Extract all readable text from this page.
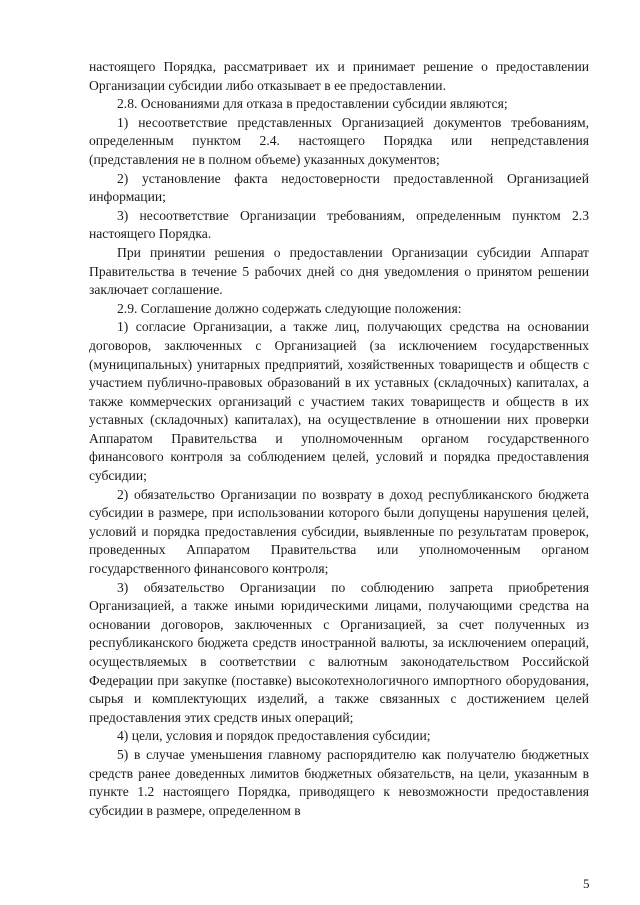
настоящего Порядка, рассматривает их и принимает решение о предоставлении Организации субсидии либо отказывает в ее предоставлении.

2.8. Основаниями для отказа в предоставлении субсидии являются;

1) несоответствие представленных Организацией документов требованиям, определенным пунктом 2.4. настоящего Порядка или непредставления (представления не в полном объеме) указанных документов;

2) установление факта недостоверности предоставленной Организацией информации;

3) несоответствие Организации требованиям, определенным пунктом 2.3 настоящего Порядка.

При принятии решения о предоставлении Организации субсидии Аппарат Правительства в течение 5 рабочих дней со дня уведомления о принятом решении заключает соглашение.

2.9. Соглашение должно содержать следующие положения:

1) согласие Организации, а также лиц, получающих средства на основании договоров, заключенных с Организацией (за исключением государственных (муниципальных) унитарных предприятий, хозяйственных товариществ и обществ с участием публично-правовых образований в их уставных (складочных) капиталах, а также коммерческих организаций с участием таких товариществ и обществ в их уставных (складочных) капиталах), на осуществление в отношении них проверки Аппаратом Правительства и уполномоченным органом государственного финансового контроля за соблюдением целей, условий и порядка предоставления субсидии;

2) обязательство Организации по возврату в доход республиканского бюджета субсидии в размере, при использовании которого были допущены нарушения целей, условий и порядка предоставления субсидии, выявленные по результатам проверок, проведенных Аппаратом Правительства или уполномоченным органом государственного финансового контроля;

3) обязательство Организации по соблюдению запрета приобретения Организацией, а также иными юридическими лицами, получающими средства на основании договоров, заключенных с Организацией, за счет полученных из республиканского бюджета средств иностранной валюты, за исключением операций, осуществляемых в соответствии с валютным законодательством Российской Федерации при закупке (поставке) высокотехнологичного импортного оборудования, сырья и комплектующих изделий, а также связанных с достижением целей предоставления этих средств иных операций;

4) цели, условия и порядок предоставления субсидии;

5) в случае уменьшения главному распорядителю как получателю бюджетных средств ранее доведенных лимитов бюджетных обязательств, на цели, указанным в пункте 1.2 настоящего Порядка, приводящего к невозможности предоставления субсидии в размере, определенном в

5
